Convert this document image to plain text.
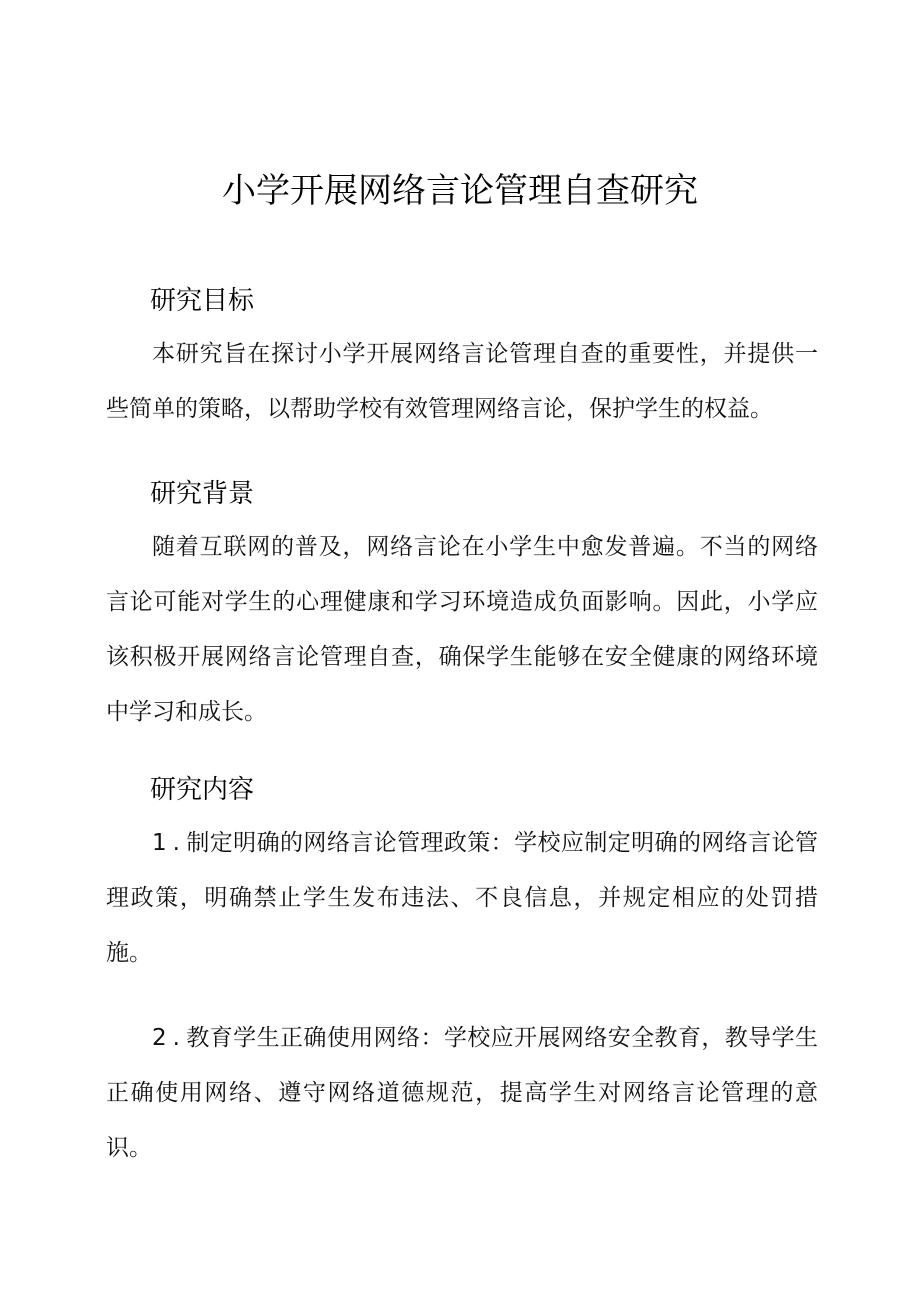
小学开展网络言论管理自查研究
研究目标

本研究旨在探讨小学开展网络言论管理自查的重要性，并提供一些简单的策略，以帮助学校有效管理网络言论，保护学生的权益。

研究背景

随着互联网的普及，网络言论在小学生中愈发普遍。不当的网络言论可能对学生的心理健康和学习环境造成负面影响。因此，小学应该积极开展网络言论管理自查，确保学生能够在安全健康的网络环境中学习和成长。

研究内容

1.制定明确的网络言论管理政策：学校应制定明确的网络言论管理政策，明确禁止学生发布违法、不良信息，并规定相应的处罚措施。

2.教育学生正确使用网络：学校应开展网络安全教育，教导学生正确使用网络、遵守网络道德规范，提高学生对网络言论管理的意识。
